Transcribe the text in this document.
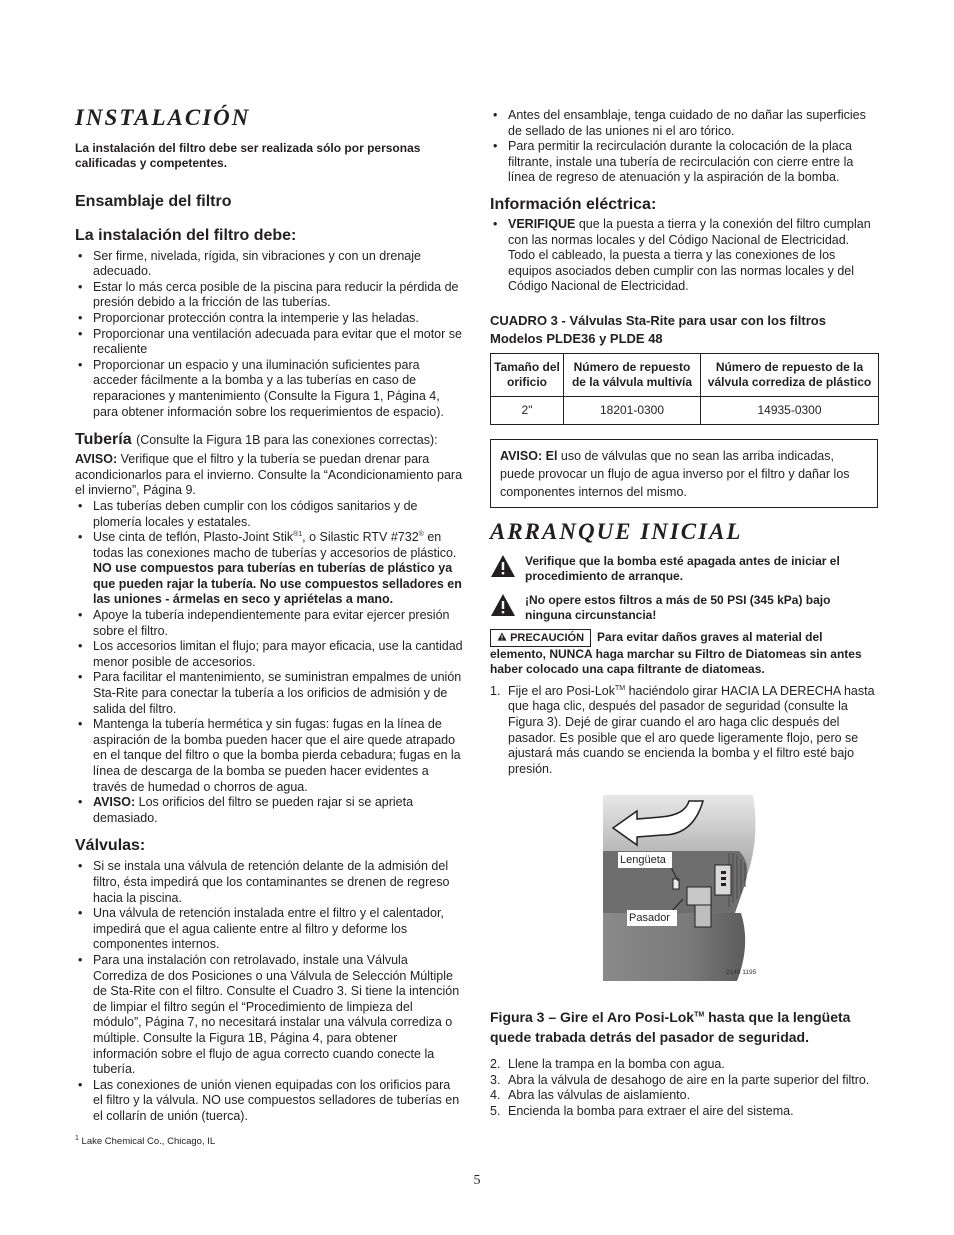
INSTALACIÓN

La instalación del filtro debe ser realizada sólo por personas calificadas y competentes.

Ensamblaje del filtro
La instalación del filtro debe:
• Ser firme, nivelada, rígida, sin vibraciones y con un drenaje adecuado.
• Estar lo más cerca posible de la piscina para reducir la pérdida de presión debido a la fricción de las tuberías.
• Proporcionar protección contra la intemperie y las heladas.
• Proporcionar una ventilación adecuada para evitar que el motor se recaliente
• Proporcionar un espacio y una iluminación suficientes para acceder fácilmente a la bomba y a las tuberías en caso de reparaciones y mantenimiento (Consulte la Figura 1, Página 4, para obtener información sobre los requerimientos de espacio).
Tubería (Consulte la Figura 1B para las conexiones correctas):

AVISO: Verifique que el filtro y la tubería se puedan drenar para acondicionarlos para el invierno. Consulte la “Acondicionamiento para el invierno”, Página 9.

• Las tuberías deben cumplir con los códigos sanitarios y de plomería locales y estatales.
• Use cinta de teflón, Plasto-Joint Stik$^{®1}$, o Silastic RTV #732® en todas las conexiones macho de tuberías y accesorios de plástico. NO use compuestos para tuberías en tuberías de plástico ya que pueden rajar la tubería. No use compuestos selladores en las uniones - ármelas en seco y apriételas a mano.
• Apoye la tubería independientemente para evitar ejercer presión sobre el filtro.
• Los accesorios limitan el flujo; para mayor eficacia, use la cantidad menor posible de accesorios.
• Para facilitar el mantenimiento, se suministran empalmes de unión Sta-Rite para conectar la tubería a los orificios de admisión y de salida del filtro.
• Mantenga la tubería hermética y sin fugas: fugas en la línea de aspiración de la bomba pueden hacer que el aire quede atrapado en el tanque del filtro o que la bomba pierda cebadura; fugas en la línea de descarga de la bomba se pueden hacer evidentes a través de humedad o chorros de agua.
• AVISO: Los orificios del filtro se pueden rajar si se aprieta demasiado.
Válvulas:
• Si se instala una válvula de retención delante de la admisión del filtro, ésta impedirá que los contaminantes se drenen de regreso hacia la piscina.
• Una válvula de retención instalada entre el filtro y el calentador, impedirá que el agua caliente entre al filtro y deforme los componentes internos.
• Para una instalación con retrolavado, instale una Válvula Corrediza de dos Posiciones o una Válvula de Selección Múltiple de Sta-Rite con el filtro. Consulte el Cuadro 3. Si tiene la intención de limpiar el filtro según el “Procedimiento de limpieza del módulo”, Página 7, no necesitará instalar una válvula corrediza o múltiple. Consulte la Figura 1B, Página 4, para obtener información sobre el flujo de agua correcto cuando conecte la tubería.
• Las conexiones de unión vienen equipadas con los orificios para el filtro y la válvula. NO use compuestos selladores de tuberías en el collarín de unión (tuerca).
$^1$ Lake Chemical Co., Chicago, IL
• Antes del ensamblaje, tenga cuidado de no dañar las superficies de sellado de las uniones ni el aro tórico.
• Para permitir la recirculación durante la colocación de la placa filtrante, instale una tubería de recirculación con cierre entre la línea de regreso de atenuación y la aspiración de la bomba.
Información eléctrica:
• VERIFIQUE que la puesta a tierra y la conexión del filtro cumplan con las normas locales y del Código Nacional de Electricidad. Todo el cableado, la puesta a tierra y las conexiones de los equipos asociados deben cumplir con las normas locales y del Código Nacional de Electricidad.

CUADRO 3 - Válvulas Sta-Rite para usar con los filtros Modelos PLDE36 y PLDE 48

Tamaño del orificio	Número de repuesto de la válvula multivía	Número de repuesto de la válvula corrediza de plástico
2"	18201-0300	14935-0300
AVISO: El uso de válvulas que no sean las arriba indicadas, puede provocar un flujo de agua inverso por el filtro y dañar los componentes internos del mismo.
ARRANQUE INICIAL
Verifique que la bomba esté apagada antes de iniciar el procedimiento de arranque.
¡No opere estos filtros a más de 50 PSI (345 kPa) bajo ninguna circunstancia!

PRECAUCIÓN Para evitar daños graves al material del elemento, NUNCA haga marchar su Filtro de Diatomeas sin antes haber colocado una capa filtrante de diatomeas.

1. Fije el aro Posi-Lok™ haciéndolo girar HACIA LA DERECHA hasta que haga clic, después del pasador de seguridad (consulte la Figura 3). Dejé de girar cuando el aro haga clic después del pasador. Es posible que el aro quede ligeramente flojo, pero se ajustará más cuando se encienda la bomba y el filtro esté bajo presión.
Lengüeta
Pasador
2149 1195

Figura 3 – Gire el Aro Posi-Lok™ hasta que la lengüeta quede trabada detrás del pasador de seguridad.

2. Llene la trampa en la bomba con agua.
3. Abra la válvula de desahogo de aire en la parte superior del filtro.
4. Abra las válvulas de aislamiento.
5. Encienda la bomba para extraer el aire del sistema.
5
